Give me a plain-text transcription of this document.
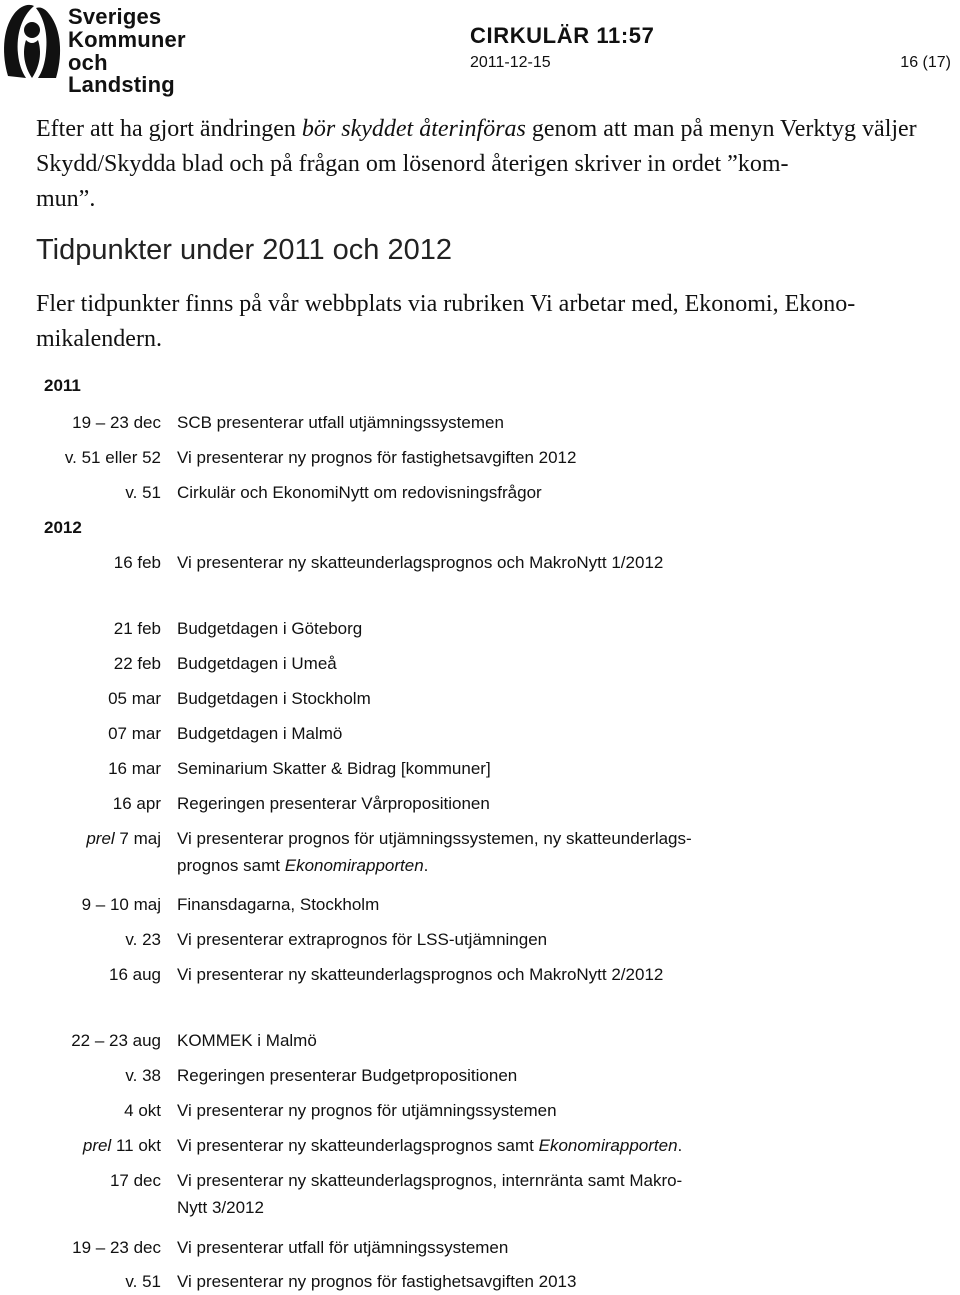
Sveriges
Kommuner
och Landsting
CIRKULÄR 11:57
2011-12-15	16 (17)

Efter att ha gjort ändringen bör skyddet återinföras genom att man på menyn Verktyg väljer Skydd/Skydda blad och på frågan om lösenord återigen skriver in ordet ”kom-
mun”.

Tidpunkter under 2011 och 2012

Fler tidpunkter finns på vår webbplats via rubriken Vi arbetar med, Ekonomi, Ekono-
mikalendern.

2011
19 – 23 dec SCB presenterar utfall utjämningssystemen
v. 51 eller 52 Vi presenterar ny prognos för fastighetsavgiften 2012
v. 51 Cirkulär och EkonomiNytt om redovisningsfrågor
2012
16 feb Vi presenterar ny skatteunderlagsprognos och MakroNytt 1/2012
21 feb Budgetdagen i Göteborg
22 feb Budgetdagen i Umeå
05 mar Budgetdagen i Stockholm
07 mar Budgetdagen i Malmö
16 mar Seminarium Skatter & Bidrag [kommuner]
16 apr Regeringen presenterar Vårpropositionen
prel 7 maj Vi presenterar prognos för utjämningssystemen, ny skatteunderlags-
prognos samt Ekonomirapporten.
9 – 10 maj Finansdagarna, Stockholm
v. 23 Vi presenterar extraprognos för LSS-utjämningen
16 aug Vi presenterar ny skatteunderlagsprognos och MakroNytt 2/2012
22 – 23 aug KOMMEK i Malmö
v. 38 Regeringen presenterar Budgetpropositionen
4 okt Vi presenterar ny prognos för utjämningssystemen
prel 11 okt Vi presenterar ny skatteunderlagsprognos samt Ekonomirapporten.
17 dec Vi presenterar ny skatteunderlagsprognos, internränta samt Makro-
Nytt 3/2012
19 – 23 dec Vi presenterar utfall för utjämningssystemen
v. 51 Vi presenterar ny prognos för fastighetsavgiften 2013
